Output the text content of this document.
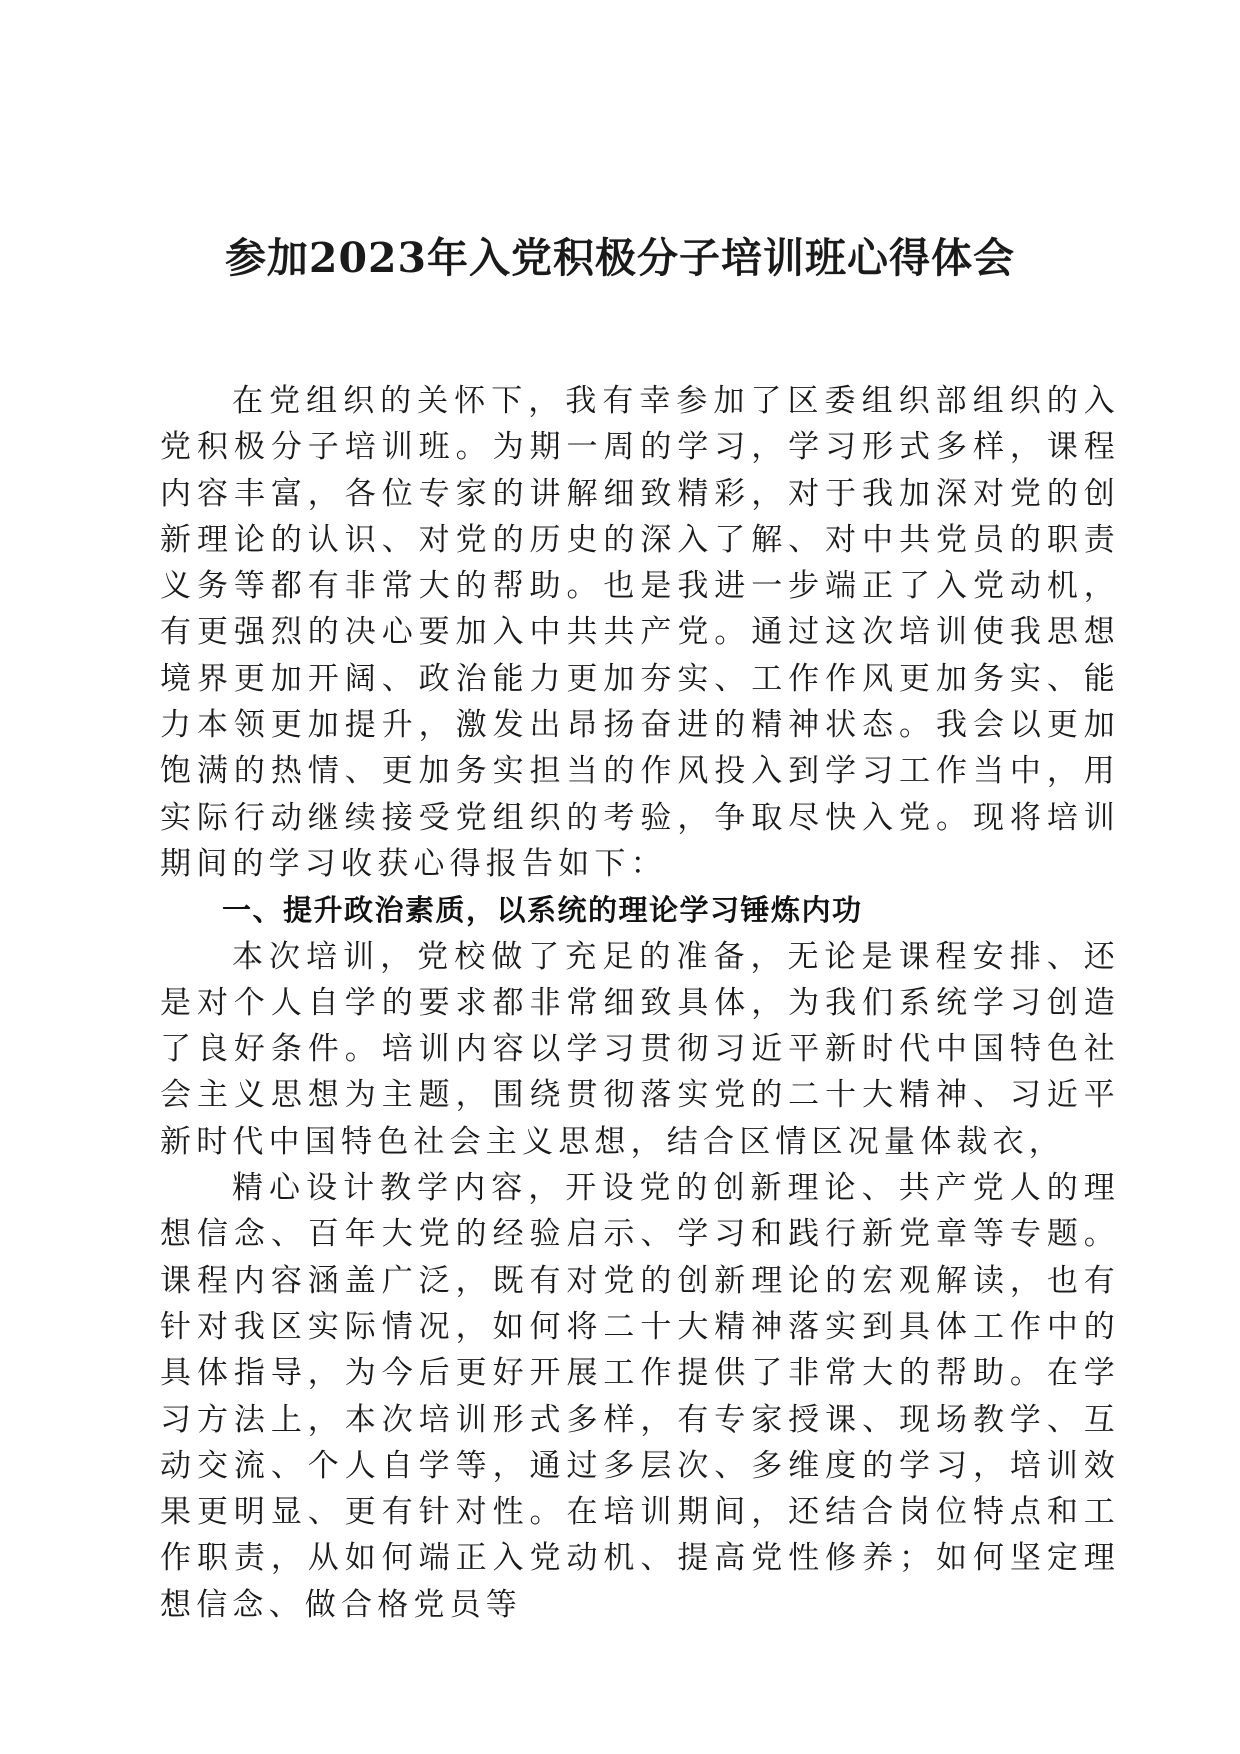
参加2023年入党积极分子培训班心得体会

在党组织的关怀下，我有幸参加了区委组织部组织的入党积极分子培训班。为期一周的学习，学习形式多样，课程内容丰富，各位专家的讲解细致精彩，对于我加深对党的创新理论的认识、对党的历史的深入了解、对中共党员的职责义务等都有非常大的帮助。也是我进一步端正了入党动机，有更强烈的决心要加入中共共产党。通过这次培训使我思想境界更加开阔、政治能力更加夯实、工作作风更加务实、能力本领更加提升，激发出昂扬奋进的精神状态。我会以更加饱满的热情、更加务实担当的作风投入到学习工作当中，用实际行动继续接受党组织的考验，争取尽快入党。现将培训期间的学习收获心得报告如下：

一、提升政治素质，以系统的理论学习锤炼内功

本次培训，党校做了充足的准备，无论是课程安排、还是对个人自学的要求都非常细致具体，为我们系统学习创造了良好条件。培训内容以学习贯彻习近平新时代中国特色社会主义思想为主题，围绕贯彻落实党的二十大精神、习近平新时代中国特色社会主义思想，结合区情区况量体裁衣，

精心设计教学内容，开设党的创新理论、共产党人的理想信念、百年大党的经验启示、学习和践行新党章等专题。课程内容涵盖广泛，既有对党的创新理论的宏观解读，也有针对我区实际情况，如何将二十大精神落实到具体工作中的具体指导，为今后更好开展工作提供了非常大的帮助。在学习方法上，本次培训形式多样，有专家授课、现场教学、互动交流、个人自学等，通过多层次、多维度的学习，培训效果更明显、更有针对性。在培训期间，还结合岗位特点和工作职责，从如何端正入党动机、提高党性修养；如何坚定理想信念、做合格党员等
